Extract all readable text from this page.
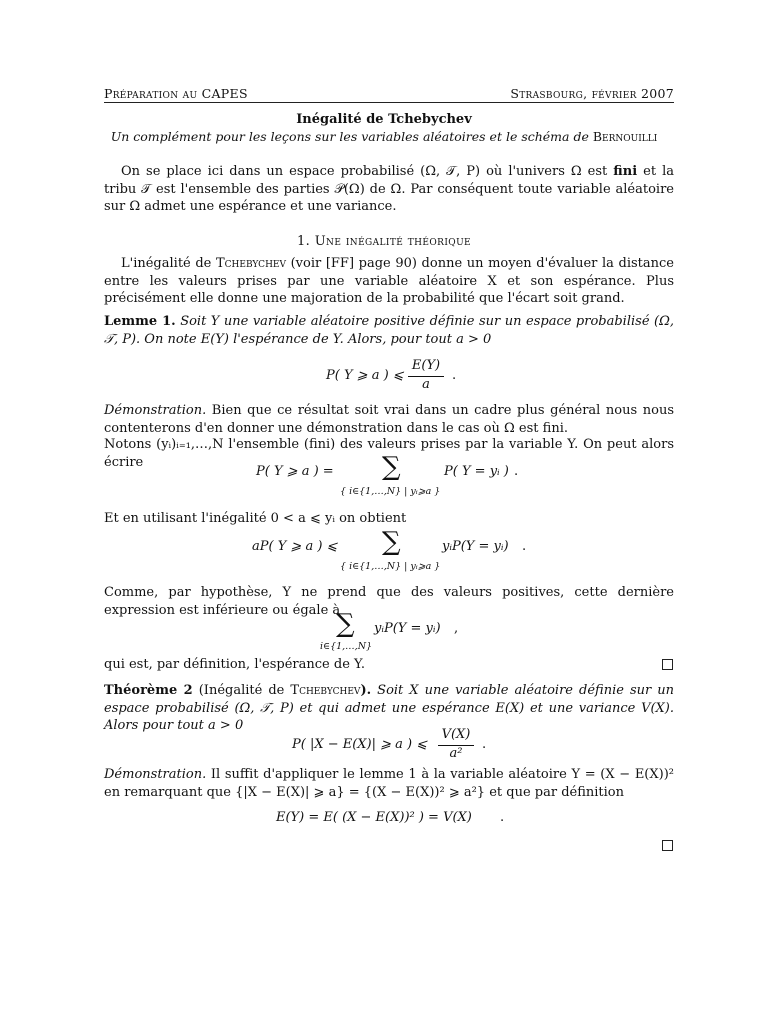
Préparation au CAPES	Strasbourg, février 2007
Inégalité de Tchebychev
Un complément pour les leçons sur les variables aléatoires et le schéma de Bernouilli
On se place ici dans un espace probabilisé (Ω, 𝒯, P) où l'univers Ω est fini et la tribu 𝒯 est l'ensemble des parties 𝒫(Ω) de Ω. Par conséquent toute variable aléatoire sur Ω admet une espérance et une variance.
1. Une inégalité théorique
L'inégalité de Tchebychev (voir [FF] page 90) donne un moyen d'évaluer la distance entre les valeurs prises par une variable aléatoire X et son espérance. Plus précisément elle donne une majoration de la probabilité que l'écart soit grand.
Lemme 1. Soit Y une variable aléatoire positive définie sur un espace probabilisé (Ω, 𝒯, P). On note E(Y) l'espérance de Y. Alors, pour tout a > 0
P( Y ⩾ a ) ⩽
E(Y)
a
.
Démonstration. Bien que ce résultat soit vrai dans un cadre plus général nous nous contenterons d'en donner une démonstration dans le cas où Ω est fini.
Notons (yᵢ)ᵢ₌₁,…,N l'ensemble (fini) des valeurs prises par la variable Y. On peut alors écrire
P( Y ⩾ a ) = ∑
{ i∈{1,…,N} | yᵢ⩾a }
P( Y = yᵢ ) .
Et en utilisant l'inégalité 0 < a ⩽ yᵢ on obtient
aP( Y ⩾ a ) ⩽ ∑
{ i∈{1,…,N} | yᵢ⩾a }
yᵢP(Y = yᵢ) .
Comme, par hypothèse, Y ne prend que des valeurs positives, cette dernière expression est inférieure ou égale à
∑
i∈{1,…,N}
yᵢP(Y = yᵢ) ,
qui est, par définition, l'espérance de Y.
Théorème 2 (Inégalité de Tchebychev). Soit X une variable aléatoire définie sur un espace probabilisé (Ω, 𝒯, P) et qui admet une espérance E(X) et une variance V(X). Alors pour tout a > 0
P( |X − E(X)| ⩾ a ) ⩽
V(X)
a²
.
Démonstration. Il suffit d'appliquer le lemme 1 à la variable aléatoire Y = (X − E(X))² en remarquant que {|X − E(X)| ⩾ a} = {(X − E(X))² ⩾ a²} et que par définition
E(Y) = E( (X − E(X))² ) = V(X) .
